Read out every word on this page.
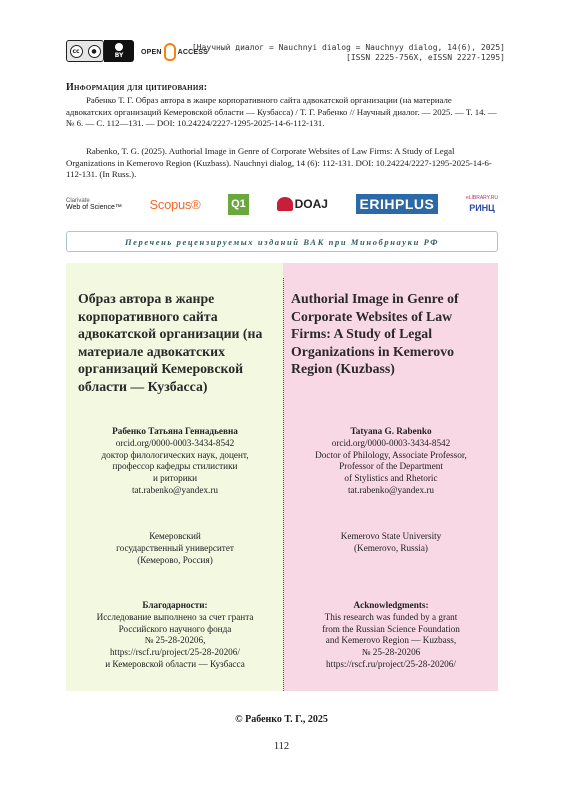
cc	●
BY	OPEN ACCESS
[Научный диалог = Nauchnyi dialog = Nauchnyy dialog, 14(6), 2025]
[ISSN 2225-756X, eISSN 2227-1295]
Информация для цитирования:
Рабенко Т. Г. Образ автора в жанре корпоративного сайта адвокатской организации (на материале адвокатских организаций Кемеровской области — Кузбасса) / Т. Г. Рабенко // Научный диалог. — 2025. — Т. 14. — № 6. — С. 112—131. — DOI: 10.24224/2227-1295-2025-14-6-112-131.
Rabenko, T. G. (2025). Authorial Image in Genre of Corporate Websites of Law Firms: A Study of Legal Organizations in Kemerovo Region (Kuzbass). Nauchnyi dialog, 14 (6): 112-131. DOI: 10.24224/2227-1295-2025-14-6-112-131. (In Russ.).
Clarivate
Web of Science™ Scopus®	Q1	DOAJ ERIHPLUS	eLIBRARY.RU
РИНЦ
Перечень рецензируемых изданий ВАК при Минобрнауки РФ
Образ автора в жанре корпоративного сайта адвокатской организации (на материале адвокатских организаций Кемеровской области — Кузбасса)
Authorial Image in Genre of Corporate Websites of Law Firms: A Study of Legal Organizations in Kemerovo Region (Kuzbass)
Рабенко Татьяна Геннадьевна
orcid.org/0000-0003-3434-8542
доктор филологических наук, доцент,
профессор кафедры стилистики
и риторики
tat.rabenko@yandex.ru
Кемеровский
государственный университет
(Кемерово, Россия)
Благодарности:
Исследование выполнено за счет гранта
Российского научного фонда
№ 25-28-20206,
https://rscf.ru/project/25-28-20206/
и Кемеровской области — Кузбасса
Tatyana G. Rabenko
orcid.org/0000-0003-3434-8542
Doctor of Philology, Associate Professor,
Professor of the Department
of Stylistics and Rhetoric
tat.rabenko@yandex.ru
Kemerovo State University
(Kemerovo, Russia)
Acknowledgments:
This research was funded by a grant
from the Russian Science Foundation
and Kemerovo Region — Kuzbass,
№ 25-28-20206
https://rscf.ru/project/25-28-20206/
© Рабенко Т. Г., 2025
112
